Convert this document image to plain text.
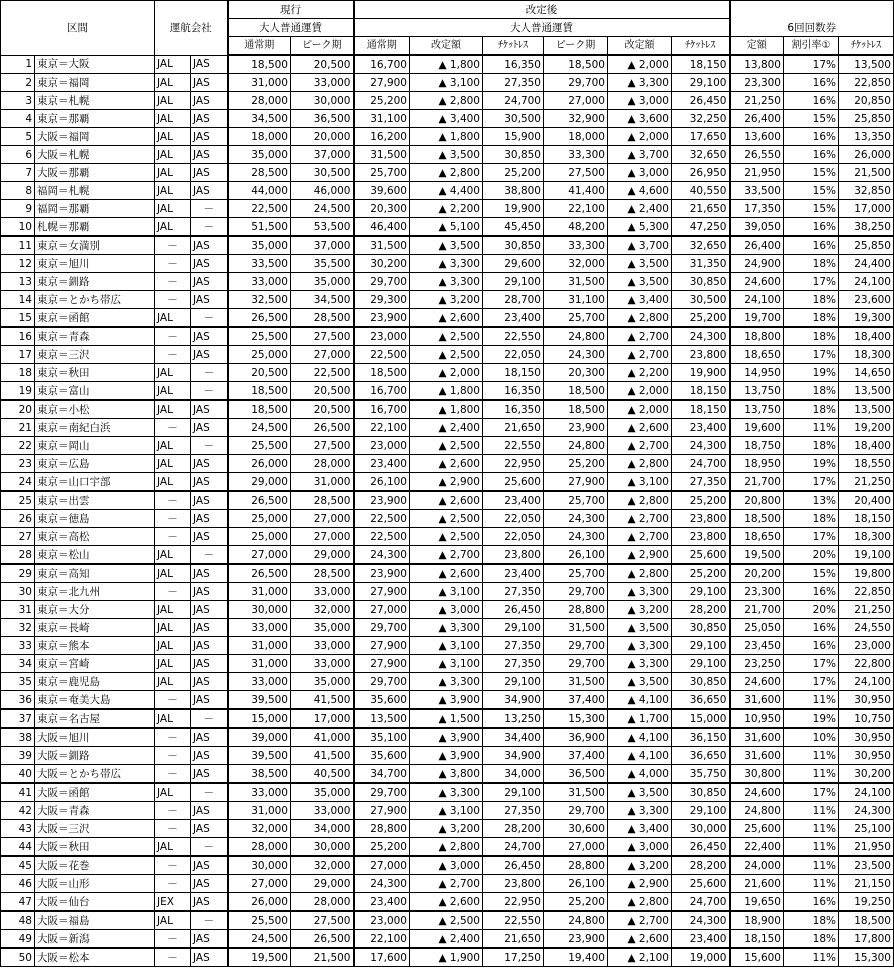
区間		運航会社		現行		改定後						6回回数券		
				大人普通運賃		大人普通運賃								
				通常期	ピーク期	通常期	改定額	ﾁｹｯﾄﾚｽ	ピーク期	改定額	ﾁｹｯﾄﾚｽ	定額	割引率①	ﾁｹｯﾄﾚｽ
1	東京＝大阪	JAL	JAS	18,500	20,500	16,700	▲ 1,800	16,350	18,500	▲ 2,000	18,150	13,800	17%	13,500
2	東京＝福岡	JAL	JAS	31,000	33,000	27,900	▲ 3,100	27,350	29,700	▲ 3,300	29,100	23,300	16%	22,850
3	東京＝札幌	JAL	JAS	28,000	30,000	25,200	▲ 2,800	24,700	27,000	▲ 3,000	26,450	21,250	16%	20,850
4	東京＝那覇	JAL	JAS	34,500	36,500	31,100	▲ 3,400	30,500	32,900	▲ 3,600	32,250	26,400	15%	25,850
5	大阪＝福岡	JAL	JAS	18,000	20,000	16,200	▲ 1,800	15,900	18,000	▲ 2,000	17,650	13,600	16%	13,350
6	大阪＝札幌	JAL	JAS	35,000	37,000	31,500	▲ 3,500	30,850	33,300	▲ 3,700	32,650	26,550	16%	26,000
7	大阪＝那覇	JAL	JAS	28,500	30,500	25,700	▲ 2,800	25,200	27,500	▲ 3,000	26,950	21,950	15%	21,500
8	福岡＝札幌	JAL	JAS	44,000	46,000	39,600	▲ 4,400	38,800	41,400	▲ 4,600	40,550	33,500	15%	32,850
9	福岡＝那覇	JAL	－	22,500	24,500	20,300	▲ 2,200	19,900	22,100	▲ 2,400	21,650	17,350	15%	17,000
10	札幌＝那覇	JAL	－	51,500	53,500	46,400	▲ 5,100	45,450	48,200	▲ 5,300	47,250	39,050	16%	38,250
11	東京＝女満別	－	JAS	35,000	37,000	31,500	▲ 3,500	30,850	33,300	▲ 3,700	32,650	26,400	16%	25,850
12	東京＝旭川	－	JAS	33,500	35,500	30,200	▲ 3,300	29,600	32,000	▲ 3,500	31,350	24,900	18%	24,400
13	東京＝釧路	－	JAS	33,000	35,000	29,700	▲ 3,300	29,100	31,500	▲ 3,500	30,850	24,600	17%	24,100
14	東京＝とかち帯広	－	JAS	32,500	34,500	29,300	▲ 3,200	28,700	31,100	▲ 3,400	30,500	24,100	18%	23,600
15	東京＝函館	JAL	－	26,500	28,500	23,900	▲ 2,600	23,400	25,700	▲ 2,800	25,200	19,700	18%	19,300
16	東京＝青森	－	JAS	25,500	27,500	23,000	▲ 2,500	22,550	24,800	▲ 2,700	24,300	18,800	18%	18,400
17	東京＝三沢	－	JAS	25,000	27,000	22,500	▲ 2,500	22,050	24,300	▲ 2,700	23,800	18,650	17%	18,300
18	東京＝秋田	JAL	－	20,500	22,500	18,500	▲ 2,000	18,150	20,300	▲ 2,200	19,900	14,950	19%	14,650
19	東京＝富山	JAL	－	18,500	20,500	16,700	▲ 1,800	16,350	18,500	▲ 2,000	18,150	13,750	18%	13,500
20	東京＝小松	JAL	JAS	18,500	20,500	16,700	▲ 1,800	16,350	18,500	▲ 2,000	18,150	13,750	18%	13,500
21	東京＝南紀白浜	－	JAS	24,500	26,500	22,100	▲ 2,400	21,650	23,900	▲ 2,600	23,400	19,600	11%	19,200
22	東京＝岡山	JAL	－	25,500	27,500	23,000	▲ 2,500	22,550	24,800	▲ 2,700	24,300	18,750	18%	18,400
23	東京＝広島	JAL	JAS	26,000	28,000	23,400	▲ 2,600	22,950	25,200	▲ 2,800	24,700	18,950	19%	18,550
24	東京＝山口宇部	JAL	JAS	29,000	31,000	26,100	▲ 2,900	25,600	27,900	▲ 3,100	27,350	21,700	17%	21,250
25	東京＝出雲	－	JAS	26,500	28,500	23,900	▲ 2,600	23,400	25,700	▲ 2,800	25,200	20,800	13%	20,400
26	東京＝徳島	－	JAS	25,000	27,000	22,500	▲ 2,500	22,050	24,300	▲ 2,700	23,800	18,500	18%	18,150
27	東京＝高松	－	JAS	25,000	27,000	22,500	▲ 2,500	22,050	24,300	▲ 2,700	23,800	18,650	17%	18,300
28	東京＝松山	JAL	－	27,000	29,000	24,300	▲ 2,700	23,800	26,100	▲ 2,900	25,600	19,500	20%	19,100
29	東京＝高知	JAL	JAS	26,500	28,500	23,900	▲ 2,600	23,400	25,700	▲ 2,800	25,200	20,200	15%	19,800
30	東京＝北九州	－	JAS	31,000	33,000	27,900	▲ 3,100	27,350	29,700	▲ 3,300	29,100	23,300	16%	22,850
31	東京＝大分	JAL	JAS	30,000	32,000	27,000	▲ 3,000	26,450	28,800	▲ 3,200	28,200	21,700	20%	21,250
32	東京＝長崎	JAL	JAS	33,000	35,000	29,700	▲ 3,300	29,100	31,500	▲ 3,500	30,850	25,050	16%	24,550
33	東京＝熊本	JAL	JAS	31,000	33,000	27,900	▲ 3,100	27,350	29,700	▲ 3,300	29,100	23,450	16%	23,000
34	東京＝宮崎	JAL	JAS	31,000	33,000	27,900	▲ 3,100	27,350	29,700	▲ 3,300	29,100	23,250	17%	22,800
35	東京＝鹿児島	JAL	JAS	33,000	35,000	29,700	▲ 3,300	29,100	31,500	▲ 3,500	30,850	24,600	17%	24,100
36	東京＝奄美大島	－	JAS	39,500	41,500	35,600	▲ 3,900	34,900	37,400	▲ 4,100	36,650	31,600	11%	30,950
37	東京＝名古屋	JAL	－	15,000	17,000	13,500	▲ 1,500	13,250	15,300	▲ 1,700	15,000	10,950	19%	10,750
38	大阪＝旭川	－	JAS	39,000	41,000	35,100	▲ 3,900	34,400	36,900	▲ 4,100	36,150	31,600	10%	30,950
39	大阪＝釧路	－	JAS	39,500	41,500	35,600	▲ 3,900	34,900	37,400	▲ 4,100	36,650	31,600	11%	30,950
40	大阪＝とかち帯広	－	JAS	38,500	40,500	34,700	▲ 3,800	34,000	36,500	▲ 4,000	35,750	30,800	11%	30,200
41	大阪＝函館	JAL	－	33,000	35,000	29,700	▲ 3,300	29,100	31,500	▲ 3,500	30,850	24,600	17%	24,100
42	大阪＝青森	－	JAS	31,000	33,000	27,900	▲ 3,100	27,350	29,700	▲ 3,300	29,100	24,800	11%	24,300
43	大阪＝三沢	－	JAS	32,000	34,000	28,800	▲ 3,200	28,200	30,600	▲ 3,400	30,000	25,600	11%	25,100
44	大阪＝秋田	JAL	－	28,000	30,000	25,200	▲ 2,800	24,700	27,000	▲ 3,000	26,450	22,400	11%	21,950
45	大阪＝花巻	－	JAS	30,000	32,000	27,000	▲ 3,000	26,450	28,800	▲ 3,200	28,200	24,000	11%	23,500
46	大阪＝山形	－	JAS	27,000	29,000	24,300	▲ 2,700	23,800	26,100	▲ 2,900	25,600	21,600	11%	21,150
47	大阪＝仙台	JEX	JAS	26,000	28,000	23,400	▲ 2,600	22,950	25,200	▲ 2,800	24,700	19,650	16%	19,250
48	大阪＝福島	JAL	－	25,500	27,500	23,000	▲ 2,500	22,550	24,800	▲ 2,700	24,300	18,900	18%	18,500
49	大阪＝新潟	－	JAS	24,500	26,500	22,100	▲ 2,400	21,650	23,900	▲ 2,600	23,400	18,150	18%	17,800
50	大阪＝松本	－	JAS	19,500	21,500	17,600	▲ 1,900	17,250	19,400	▲ 2,100	19,000	15,600	11%	15,300
